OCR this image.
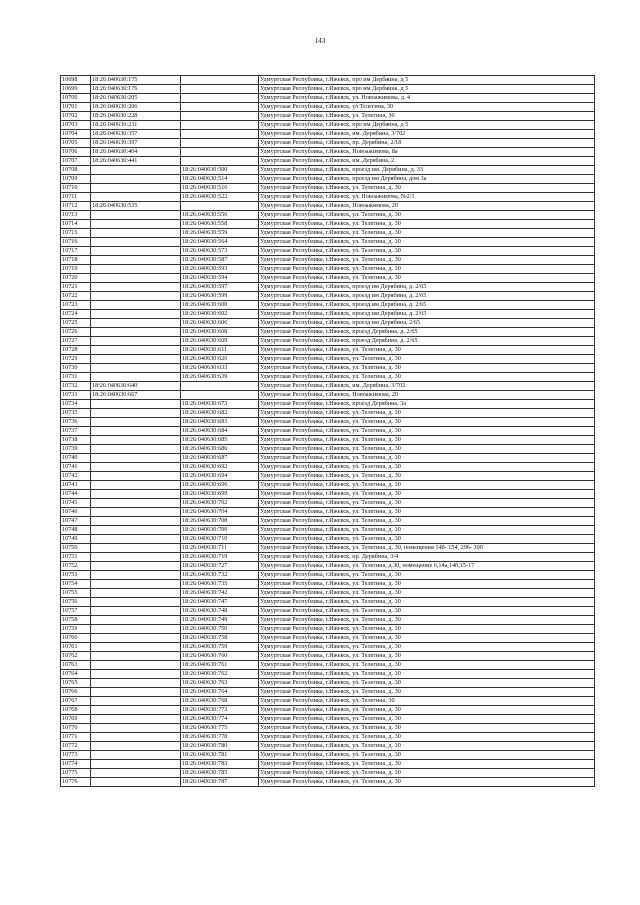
143
10698	18:26:040630:175		Удмуртская Республика, г.Ижевск, про им Дербяина, д 5
10699	18:26:040630:176		Удмуртская Республика, г.Ижевск, про им Дербяина, д 5
10700	18:26:040630:205		Удмуртская Республика, г.Ижевск, ул. Новоажимова, д. 4
10701	18:26:040630:206		Удмуртская Республика, г.Ижевск, ул Телегина, 30
10702	18:26:040630:228		Удмуртская Республика, г.Ижевск, ул. Телегина, 30
10703	18:26:040630:231		Удмуртская Республика, г.Ижевск, про им Дербяина, д 5
10704	18:26:040630:357		Удмуртская Республика, г.Ижевск, им. Дерябина, 3/702
10705	18:26:040630:397		Удмуртская Республика, г.Ижевск, пр. Дерябина, 2/18
10706	18:26:040630:404		Удмуртская Республика, г.Ижевск, Новоажимова, 8а
10707	18:26:040630:441		Удмуртская Республика, г.Ижевск, им. Дерябина, 2
10708		18:26:040630:500	Удмуртская Республика, г.Ижевск, проезд им. Дерябина, д. 33
10709		18:26:040630:514	Удмуртская Республика, г.Ижевск, проезд им Дерябина, дом 3а
10710		18:26:040630:516	Удмуртская Республика, г.Ижевск, ул. Телегина, д. 30
10711		18:26:040630:522	Удмуртская Республика, г.Ижевск, ул. Новоажимова, №2/1
10712	18:26:040630:535		Удмуртская Республика, г.Ижевск, Новоажимова, 20
10713		18:26:040630:556	Удмуртская Республика, г.Ижевск, ул. Телегина, д. 30
10714		18:26:040630:558	Удмуртская Республика, г.Ижевск, ул. Телегина, д. 30
10715		18:26:040630:559	Удмуртская Республика, г.Ижевск, ул. Телегина, д. 30
10716		18:26:040630:564	Удмуртская Республика, г.Ижевск, ул. Телегина, д. 30
10717		18:26:040630:573	Удмуртская Республика, г.Ижевск, ул. Телегина, д. 30
10718		18:26:040630:587	Удмуртская Республика, г.Ижевск, ул. Телегина, д. 30
10719		18:26:040630:593	Удмуртская Республика, г.Ижевск, ул. Телегина, д. 30
10720		18:26:040630:594	Удмуртская Республика, г.Ижевск, ул. Телегина, д. 30
10721		18:26:040630:597	Удмуртская Республика, г.Ижевск, проезд им Дерябина, д. 2/65
10722		18:26:040630:599	Удмуртская Республика, г.Ижевск, проезд им Дерябина, д. 2/65
10723		18:26:040630:600	Удмуртская Республика, г.Ижевск, проезд им Дерябина, д. 2/65
10724		18:26:040630:602	Удмуртская Республика, г.Ижевск, проезд им Дерябина, д. 2/65
10725		18:26:040630:606	Удмуртская Республика, г.Ижевск, проезд им Дерябина, 2/65
10726		18:26:040630:608	Удмуртская Республика, г.Ижевск, проезд Дерябина, д. 2/65
10727		18:26:040630:609	Удмуртская Республика, г.Ижевск, проезд Дерябина, д. 2/65
10728		18:26:040630:611	Удмуртская Республика, г.Ижевск, ул. Телегина, д. 30
10729		18:26:040630:626	Удмуртская Республика, г.Ижевск, ул. Телегина, д. 30
10730		18:26:040630:633	Удмуртская Республика, г.Ижевск, ул. Телегина, д. 30
10731		18:26:040630:639	Удмуртская Республика, г.Ижевск, ул. Телегина, д. 30
10732	18:26:040630:640		Удмуртская Республика, г.Ижевск, им. Дерябина, 3/702
10733	18:26:040630:667		Удмуртская Республика, г.Ижевск, Новоажимова, 20
10734		18:26:040630:673	Удмуртская Республика, г.Ижевск, проезд Дерябина, 3а
10735		18:26:040630:682	Удмуртская Республика, г.Ижевск, ул. Телегина, д. 30
10736		18:26:040630:683	Удмуртская Республика, г.Ижевск, ул. Телегина, д. 30
10737		18:26:040630:684	Удмуртская Республика, г.Ижевск, ул. Телегина, д. 30
10738		18:26:040630:685	Удмуртская Республика, г.Ижевск, ул. Телегина, д. 30
10739		18:26:040630:686	Удмуртская Республика, г.Ижевск, ул. Телегина, д. 30
10740		18:26:040630:687	Удмуртская Республика, г.Ижевск, ул. Телегина, д. 30
10741		18:26:040630:692	Удмуртская Республика, г.Ижевск, ул. Телегина, д. 30
10742		18:26:040630:694	Удмуртская Республика, г.Ижевск, ул. Телегина, д. 30
10743		18:26:040630:696	Удмуртская Республика, г.Ижевск, ул. Телегина, д. 30
10744		18:26:040630:699	Удмуртская Республика, г.Ижевск, ул. Телегина, д. 30
10745		18:26:040630:702	Удмуртская Республика, г.Ижевск, ул. Телегина, д. 30
10746		18:26:040630:704	Удмуртская Республика, г.Ижевск, ул. Телегина, д. 30
10747		18:26:040630:708	Удмуртская Республика, г.Ижевск, ул. Телегина, д. 30
10748		18:26:040630:709	Удмуртская Республика, г.Ижевск, ул. Телегина, д. 30
10749		18:26:040630:710	Удмуртская Республика, г.Ижевск, ул. Телегина, д. 30
10750		18:26:040630:711	Удмуртская Республика, г.Ижевск, ул. Телегина, д. 30, помещения 148- 154, 296- 300
10751		18:26:040630:719	Удмуртская Республика, г.Ижевск, пр. Дерябина, 3/4
10752		18:26:040630:727	Удмуртская Республика, г.Ижевск, ул. Телегина, д.30, помещение 6,14а,14б,15-17
10753		18:26:040630:732	Удмуртская Республика, г.Ижевск, ул. Телегина, д. 30
10754		18:26:040630:735	Удмуртская Республика, г.Ижевск, ул. Телегина, д. 30
10755		18:26:040630:742	Удмуртская Республика, г.Ижевск, ул. Телегина, д. 30
10756		18:26:040630:747	Удмуртская Республика, г.Ижевск, ул. Телегина, д. 30
10757		18:26:040630:748	Удмуртская Республика, г.Ижевск, ул. Телегина, д. 30
10758		18:26:040630:749	Удмуртская Республика, г.Ижевск, ул. Телегина, д. 30
10759		18:26:040630:750	Удмуртская Республика, г.Ижевск, ул. Телегина, д. 30
10760		18:26:040630:758	Удмуртская Республика, г.Ижевск, ул. Телегина, д. 30
10761		18:26:040630:759	Удмуртская Республика, г.Ижевск, ул. Телегина, д. 30
10762		18:26:040630:760	Удмуртская Республика, г.Ижевск, ул. Телегина, д. 30
10763		18:26:040630:761	Удмуртская Республика, г.Ижевск, ул. Телегина, д. 30
10764		18:26:040630:762	Удмуртская Республика, г.Ижевск, ул. Телегина, д. 30
10765		18:26:040630:763	Удмуртская Республика, г.Ижевск, ул. Телегина, д. 30
10766		18:26:040630:764	Удмуртская Республика, г.Ижевск, ул. Телегина, д. 30
10767		18:26:040630:768	Удмуртская Республика, г.Ижевск, ул. Телегина, 30
10768		18:26:040630:773	Удмуртская Республика, г.Ижевск, ул. Телегина, д. 30
10769		18:26:040630:774	Удмуртская Республика, г.Ижевск, ул. Телегина, д. 30
10770		18:26:040630:775	Удмуртская Республика, г.Ижевск, ул. Телегина, д. 30
10771		18:26:040630:778	Удмуртская Республика, г.Ижевск, ул. Телегина, д. 30
10772		18:26:040630:780	Удмуртская Республика, г.Ижевск, ул. Телегина, д. 30
10773		18:26:040630:781	Удмуртская Республика, г.Ижевск, ул. Телегина, д. 30
10774		18:26:040630:783	Удмуртская Республика, г.Ижевск, ул. Телегина, д. 30
10775		18:26:040630:785	Удмуртская Республика, г.Ижевск, ул. Телегина, д. 30
10776		18:26:040630:787	Удмуртская Республика, г.Ижевск, ул. Телегина, д. 30
